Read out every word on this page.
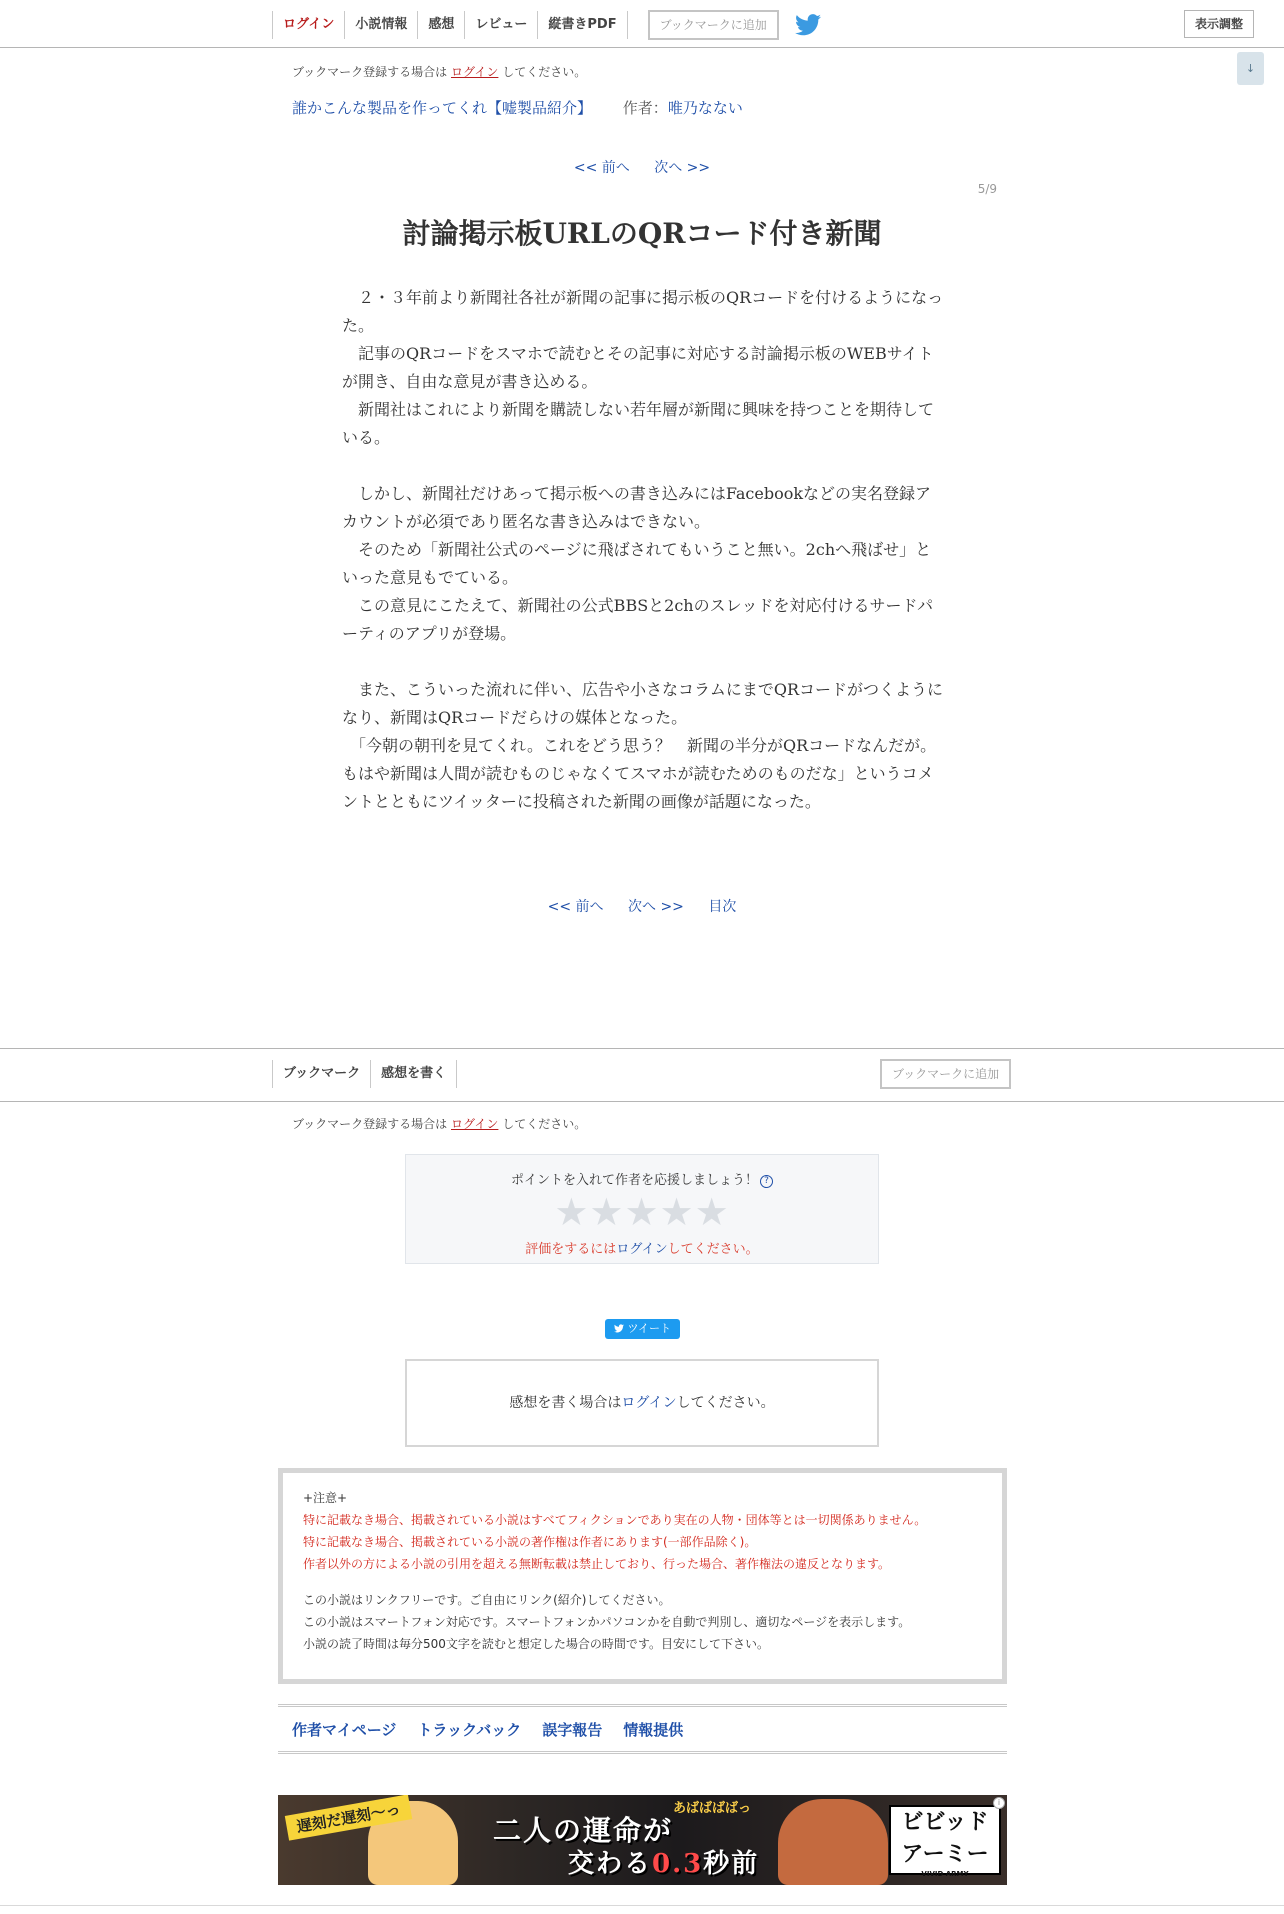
ログイン	小説情報	感想	レビュー	縦書きPDF	ブックマークに追加	表示調整
↓
ブックマーク登録する場合は ログイン してください。
誰かこんな製品を作ってくれ【嘘製品紹介】 作者：唯乃なない
<< 前へ 次へ >>
5/9
討論掲示板URLのQRコード付き新聞

　２・３年前より新聞社各社が新聞の記事に掲示板のQRコードを付けるようになった。

　記事のQRコードをスマホで読むとその記事に対応する討論掲示板のWEBサイトが開き、自由な意見が書き込める。

　新聞社はこれにより新聞を購読しない若年層が新聞に興味を持つことを期待している。

　しかし、新聞社だけあって掲示板への書き込みにはFacebookなどの実名登録アカウントが必須であり匿名な書き込みはできない。

　そのため「新聞社公式のページに飛ばされてもいうこと無い。2chへ飛ばせ」といった意見もでている。

　この意見にこたえて、新聞社の公式BBSと2chのスレッドを対応付けるサードパーティのアプリが登場。

　また、こういった流れに伴い、広告や小さなコラムにまでQRコードがつくようになり、新聞はQRコードだらけの媒体となった。

　「今朝の朝刊を見てくれ。これをどう思う？　新聞の半分がQRコードなんだが。もはや新聞は人間が読むものじゃなくてスマホが読むためのものだな」というコメントとともにツイッターに投稿された新聞の画像が話題になった。

<< 前へ 次へ >> 目次
ブックマーク	感想を書く	ブックマークに追加
ブックマーク登録する場合は ログイン してください。
ポイントを入れて作者を応援しましょう！ ?
★★★★★
評価をするにはログインしてください。
ツイート
感想を書く場合はログインしてください。
+注意+
特に記載なき場合、掲載されている小説はすべてフィクションであり実在の人物・団体等とは一切関係ありません。
特に記載なき場合、掲載されている小説の著作権は作者にあります(一部作品除く)。
作者以外の方による小説の引用を超える無断転載は禁止しており、行った場合、著作権法の違反となります。
この小説はリンクフリーです。ご自由にリンク(紹介)してください。
この小説はスマートフォン対応です。スマートフォンかパソコンかを自動で判別し、適切なページを表示します。
小説の読了時間は毎分500文字を読むと想定した場合の時間です。目安にして下さい。
作者マイページ トラックバック 誤字報告 情報提供
遅刻だ遅刻〜っ	あばばばばっ
二人の運命が
交わる0.3秒前
ビビッド
アーミー
VIVID ARMY
i
